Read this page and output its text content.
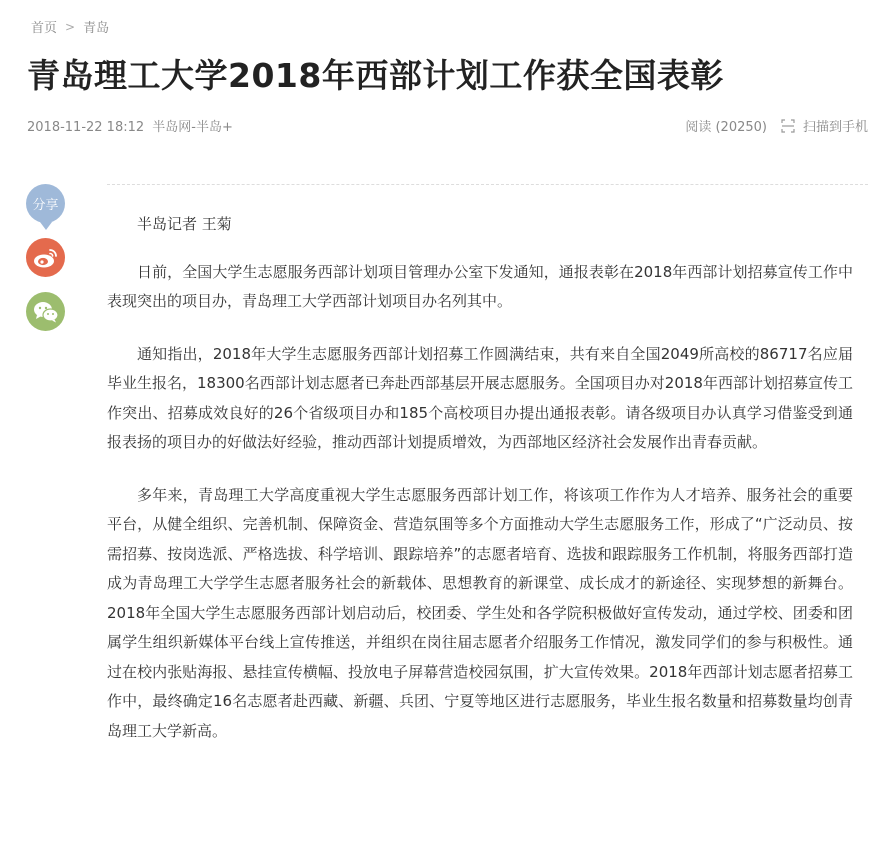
首页 > 青岛
青岛理工大学2018年西部计划工作获全国表彰
2018-11-22 18:12 半岛网-半岛+	阅读 (20250)	扫描到手机
分享

半岛记者 王菊

日前，全国大学生志愿服务西部计划项目管理办公室下发通知，通报表彰在2018年西部计划招募宣传工作中表现突出的项目办，青岛理工大学西部计划项目办名列其中。

通知指出，2018年大学生志愿服务西部计划招募工作圆满结束，共有来自全国2049所高校的86717名应届毕业生报名，18300名西部计划志愿者已奔赴西部基层开展志愿服务。全国项目办对2018年西部计划招募宣传工作突出、招募成效良好的26个省级项目办和185个高校项目办提出通报表彰。请各级项目办认真学习借鉴受到通报表扬的项目办的好做法好经验，推动西部计划提质增效，为西部地区经济社会发展作出青春贡献。

多年来，青岛理工大学高度重视大学生志愿服务西部计划工作，将该项工作作为人才培养、服务社会的重要平台，从健全组织、完善机制、保障资金、营造氛围等多个方面推动大学生志愿服务工作，形成了“广泛动员、按需招募、按岗选派、严格选拔、科学培训、跟踪培养”的志愿者培育、选拔和跟踪服务工作机制，将服务西部打造成为青岛理工大学学生志愿者服务社会的新载体、思想教育的新课堂、成长成才的新途径、实现梦想的新舞台。2018年全国大学生志愿服务西部计划启动后，校团委、学生处和各学院积极做好宣传发动，通过学校、团委和团属学生组织新媒体平台线上宣传推送，并组织在岗往届志愿者介绍服务工作情况，激发同学们的参与积极性。通过在校内张贴海报、悬挂宣传横幅、投放电子屏幕营造校园氛围，扩大宣传效果。2018年西部计划志愿者招募工作中，最终确定16名志愿者赴西藏、新疆、兵团、宁夏等地区进行志愿服务，毕业生报名数量和招募数量均创青岛理工大学新高。
